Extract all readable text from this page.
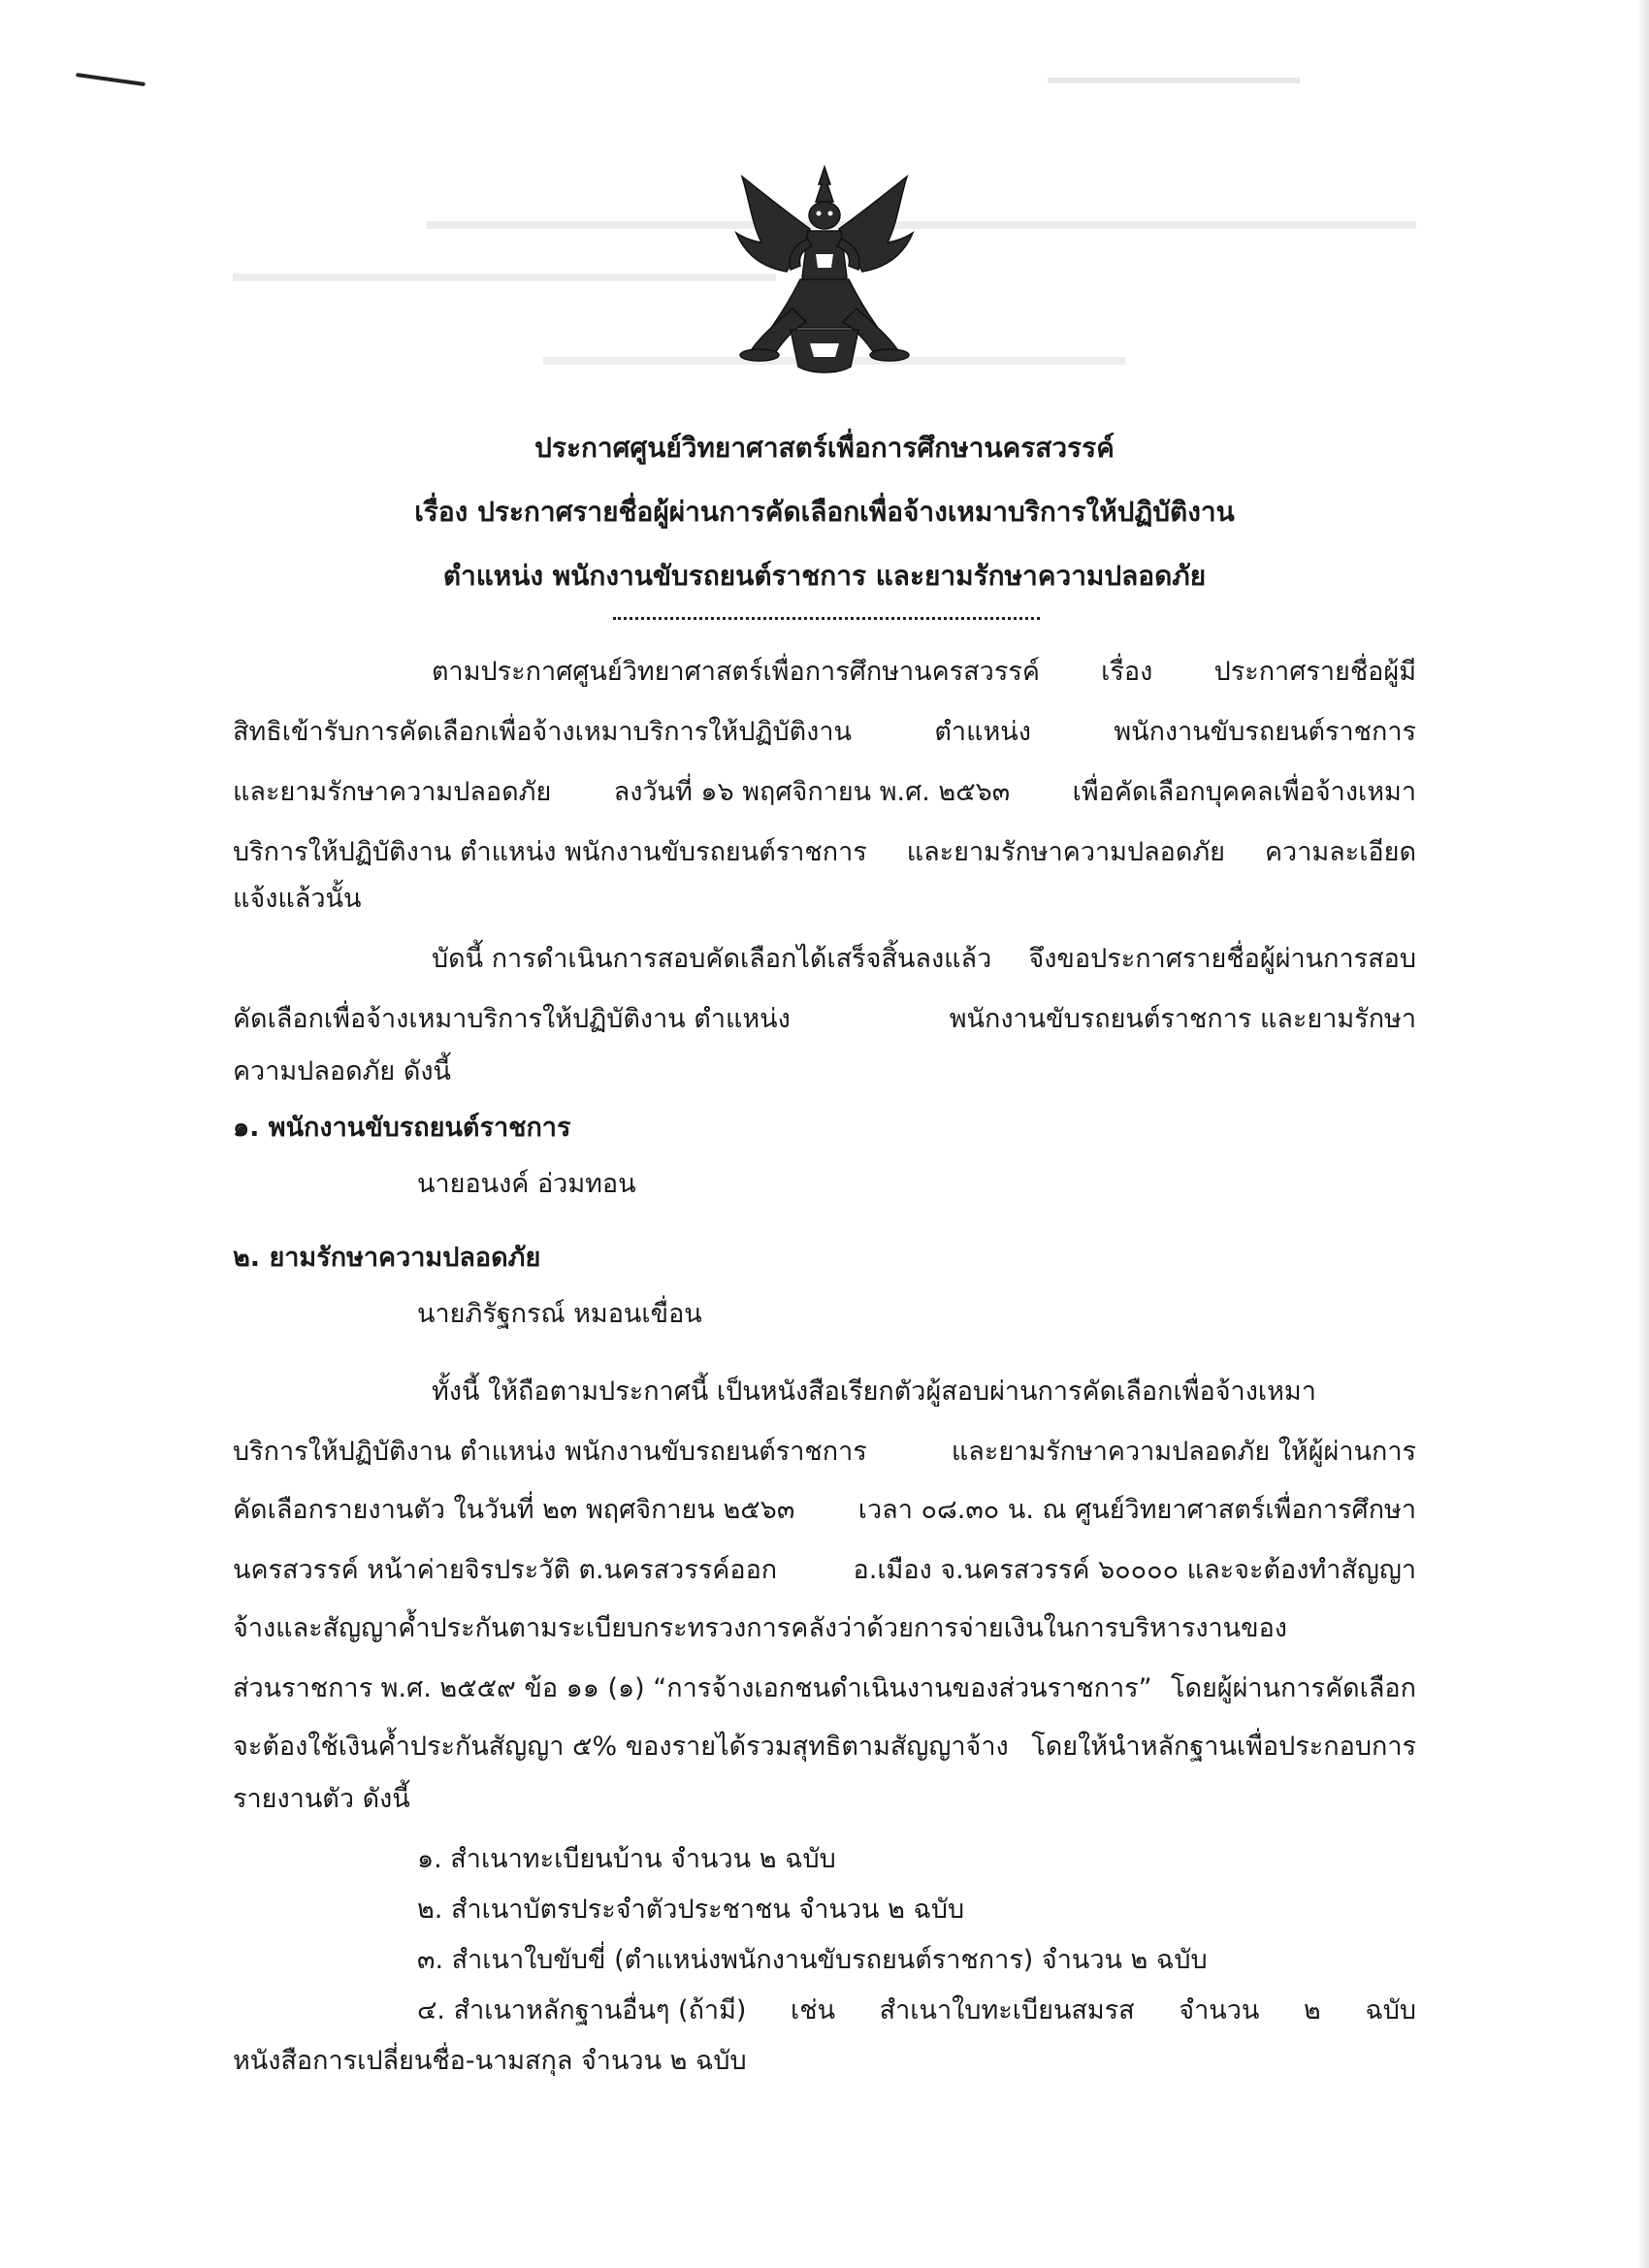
ประกาศศูนย์วิทยาศาสตร์เพื่อการศึกษานครสวรรค์
เรื่อง ประกาศรายชื่อผู้ผ่านการคัดเลือกเพื่อจ้างเหมาบริการให้ปฏิบัติงาน
ตำแหน่ง พนักงานขับรถยนต์ราชการ และยามรักษาความปลอดภัย
ตามประกาศศูนย์วิทยาศาสตร์เพื่อการศึกษานครสวรรค์ เรื่อง ประกาศรายชื่อผู้มี
สิทธิเข้ารับการคัดเลือกเพื่อจ้างเหมาบริการให้ปฏิบัติงาน	ตำแหน่ง	พนักงานขับรถยนต์ราชการ
และยามรักษาความปลอดภัย ลงวันที่ ๑๖ พฤศจิกายน พ.ศ. ๒๕๖๓ เพื่อคัดเลือกบุคคลเพื่อจ้างเหมา
บริการให้ปฏิบัติงาน ตำแหน่ง พนักงานขับรถยนต์ราชการ และยามรักษาความปลอดภัย ความละเอียด
แจ้งแล้วนั้น
บัดนี้ การดำเนินการสอบคัดเลือกได้เสร็จสิ้นลงแล้ว จึงขอประกาศรายชื่อผู้ผ่านการสอบ
คัดเลือกเพื่อจ้างเหมาบริการให้ปฏิบัติงาน ตำแหน่ง	พนักงานขับรถยนต์ราชการ และยามรักษา
ความปลอดภัย ดังนี้
๑. พนักงานขับรถยนต์ราชการ
นายอนงค์ อ่วมทอน
๒. ยามรักษาความปลอดภัย
นายภิรัฐกรณ์ หมอนเขื่อน
ทั้งนี้ ให้ถือตามประกาศนี้ เป็นหนังสือเรียกตัวผู้สอบผ่านการคัดเลือกเพื่อจ้างเหมา
บริการให้ปฏิบัติงาน ตำแหน่ง พนักงานขับรถยนต์ราชการ	และยามรักษาความปลอดภัย ให้ผู้ผ่านการ
คัดเลือกรายงานตัว ในวันที่ ๒๓ พฤศจิกายน ๒๕๖๓ เวลา ๐๘.๓๐ น. ณ ศูนย์วิทยาศาสตร์เพื่อการศึกษา
นครสวรรค์ หน้าค่ายจิรประวัติ ต.นครสวรรค์ออก	อ.เมือง จ.นครสวรรค์ ๖๐๐๐๐ และจะต้องทำสัญญา
จ้างและสัญญาค้ำประกันตามระเบียบกระทรวงการคลังว่าด้วยการจ่ายเงินในการบริหารงานของ
ส่วนราชการ พ.ศ. ๒๕๕๙ ข้อ ๑๑ (๑) “การจ้างเอกชนดำเนินงานของส่วนราชการ” โดยผู้ผ่านการคัดเลือก
จะต้องใช้เงินค้ำประกันสัญญา ๕% ของรายได้รวมสุทธิตามสัญญาจ้าง โดยให้นำหลักฐานเพื่อประกอบการ
รายงานตัว ดังนี้
๑. สำเนาทะเบียนบ้าน จำนวน ๒ ฉบับ
๒. สำเนาบัตรประจำตัวประชาชน จำนวน ๒ ฉบับ
๓. สำเนาใบขับขี่ (ตำแหน่งพนักงานขับรถยนต์ราชการ) จำนวน ๒ ฉบับ
๔. สำเนาหลักฐานอื่นๆ (ถ้ามี) เช่น สำเนาใบทะเบียนสมรส จำนวน ๒ ฉบับ
หนังสือการเปลี่ยนชื่อ-นามสกุล จำนวน ๒ ฉบับ
